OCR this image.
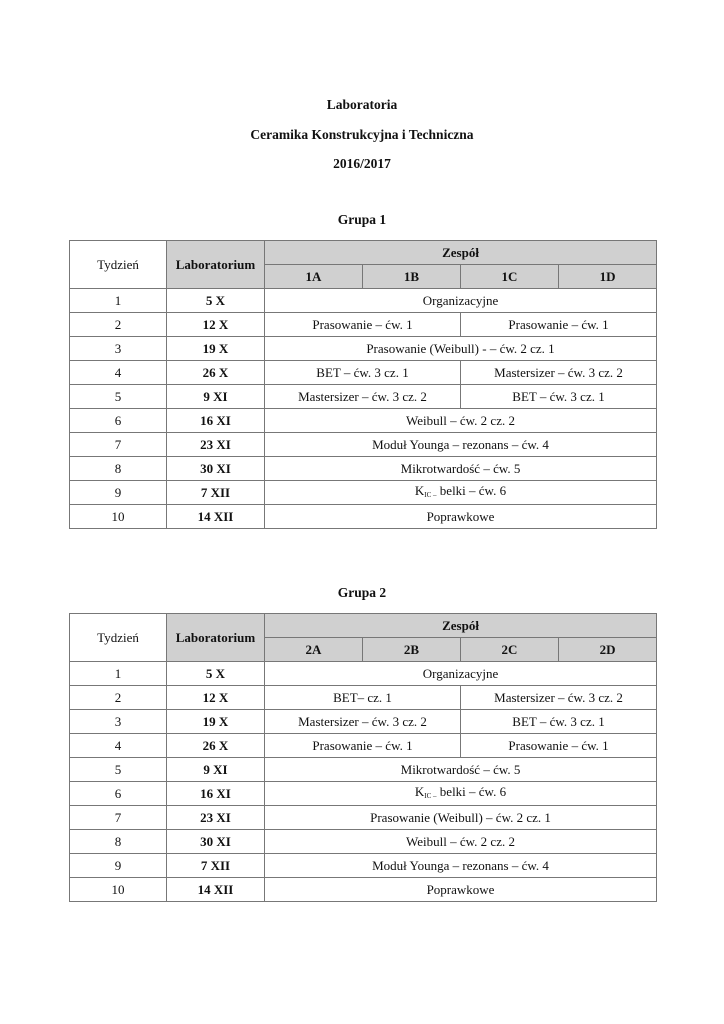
Laboratoria
Ceramika Konstrukcyjna i Techniczna
2016/2017
Grupa 1
Tydzień	Laboratorium	Zespół			
		1A	1B	1C	1D
1	5 X	Organizacyjne			
2	12 X	Prasowanie – ćw. 1		Prasowanie – ćw. 1	
3	19 X	Prasowanie (Weibull) - – ćw. 2 cz. 1			
4	26 X	BET – ćw. 3 cz. 1		Mastersizer – ćw. 3 cz. 2	
5	9 XI	Mastersizer – ćw. 3 cz. 2		BET – ćw. 3 cz. 1	
6	16 XI	Weibull – ćw. 2 cz. 2			
7	23 XI	Moduł Younga – rezonans – ćw. 4			
8	30 XI	Mikrotwardość – ćw. 5			
9	7 XII	$K_{IC -}$ belki – ćw. 6			
10	14 XII	Poprawkowe			
Grupa 2
Tydzień	Laboratorium	Zespół			
		2A	2B	2C	2D
1	5 X	Organizacyjne			
2	12 X	BET– cz. 1		Mastersizer – ćw. 3 cz. 2	
3	19 X	Mastersizer – ćw. 3 cz. 2		BET – ćw. 3 cz. 1	
4	26 X	Prasowanie – ćw. 1		Prasowanie – ćw. 1	
5	9 XI	Mikrotwardość – ćw. 5			
6	16 XI	$K_{IC -}$ belki – ćw. 6			
7	23 XI	Prasowanie (Weibull) – ćw. 2 cz. 1			
8	30 XI	Weibull – ćw. 2 cz. 2			
9	7 XII	Moduł Younga – rezonans – ćw. 4			
10	14 XII	Poprawkowe			
